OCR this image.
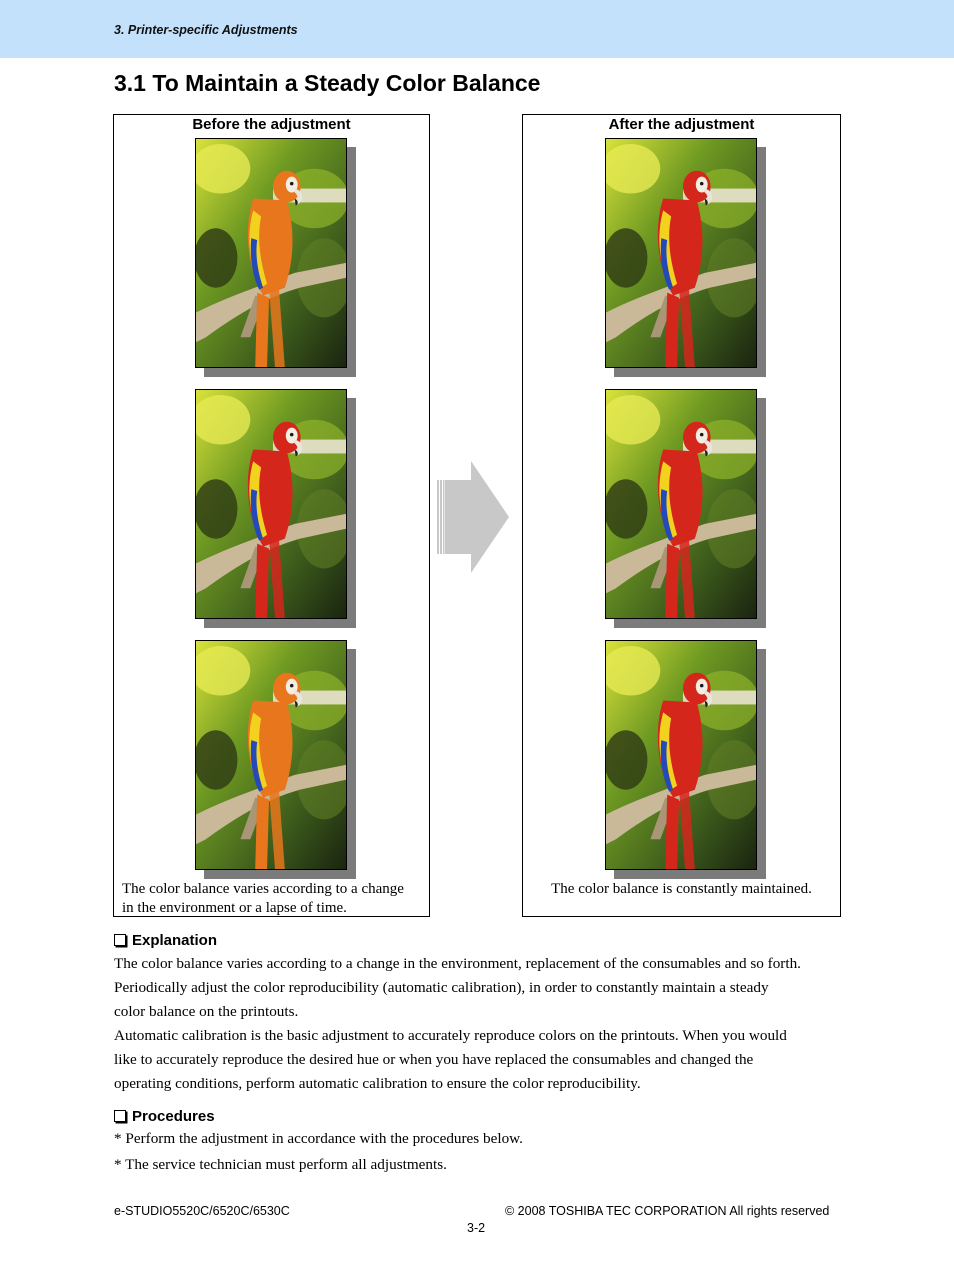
3. Printer-specific Adjustments
3.1 To Maintain a Steady Color Balance
Before the adjustment
The color balance varies according to a change
in the environment or a lapse of time.
After the adjustment
The color balance is constantly maintained.
Explanation
The color balance varies according to a change in the environment, replacement of the consumables and so forth.
Periodically adjust the color reproducibility (automatic calibration), in order to constantly maintain a steady
color balance on the printouts.
Automatic calibration is the basic adjustment to accurately reproduce colors on the printouts. When you would
like to accurately reproduce the desired hue or when you have replaced the consumables and changed the
operating conditions, perform automatic calibration to ensure the color reproducibility.
Procedures
* Perform the adjustment in accordance with the procedures below.
* The service technician must perform all adjustments.
e-STUDIO5520C/6520C/6530C	© 2008 TOSHIBA TEC CORPORATION All rights reserved
3-2
